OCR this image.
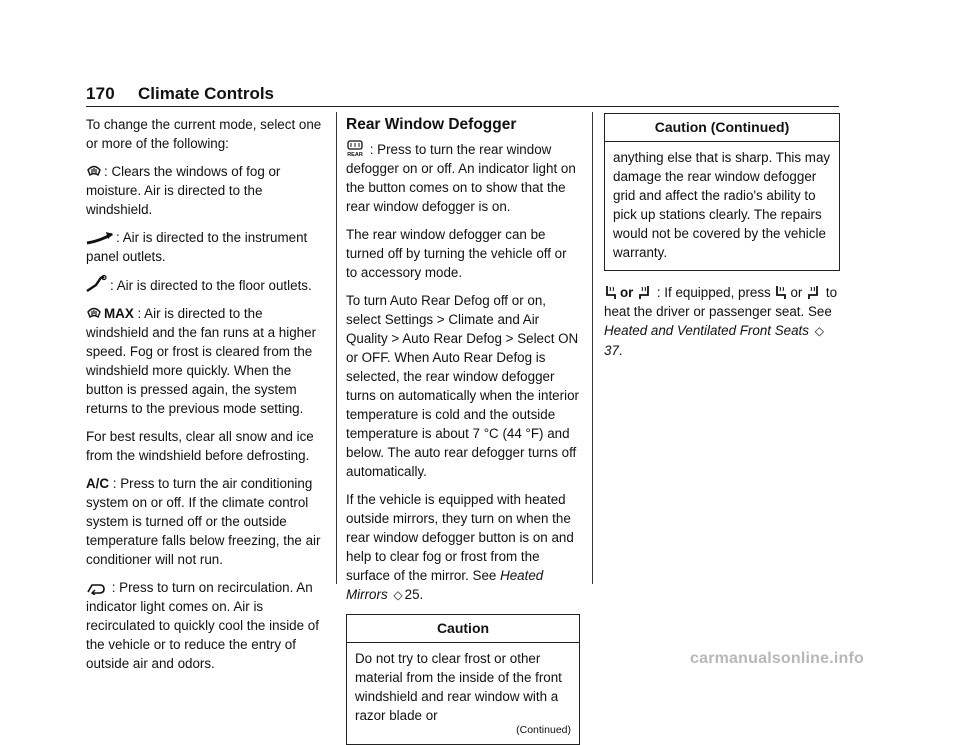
170 Climate Controls

To change the current mode, select one or more of the following:

: Clears the windows of fog or moisture. Air is directed to the windshield.

: Air is directed to the instrument panel outlets.

: Air is directed to the floor outlets.

MAX : Air is directed to the windshield and the fan runs at a higher speed. Fog or frost is cleared from the windshield more quickly. When the button is pressed again, the system returns to the previous mode setting.

For best results, clear all snow and ice from the windshield before defrosting.

A/C : Press to turn the air conditioning system on or off. If the climate control system is turned off or the outside temperature falls below freezing, the air conditioner will not run.

: Press to turn on recirculation. An indicator light comes on. Air is recirculated to quickly cool the inside of the vehicle or to reduce the entry of outside air and odors.

Rear Window Defogger

REAR : Press to turn the rear window defogger on or off. An indicator light on the button comes on to show that the rear window defogger is on.

The rear window defogger can be turned off by turning the vehicle off or to accessory mode.

To turn Auto Rear Defog off or on, select Settings > Climate and Air Quality > Auto Rear Defog > Select ON or OFF. When Auto Rear Defog is selected, the rear window defogger turns on automatically when the interior temperature is cold and the outside temperature is about 7 °C (44 °F) and below. The auto rear defogger turns off automatically.

If the vehicle is equipped with heated outside mirrors, they turn on when the rear window defogger button is on and help to clear fog or frost from the surface of the mirror. See Heated Mirrors ◇ 25.

Caution
Do not try to clear frost or other material from the inside of the front windshield and rear window with a razor blade or
(Continued)
Caution (Continued)
anything else that is sharp. This may damage the rear window defogger grid and affect the radio's ability to pick up stations clearly. The repairs would not be covered by the vehicle warranty.

or
: If equipped, press
or
to heat the driver or passenger seat. See Heated and Ventilated Front Seats ◇37.

carmanualsonline.info
